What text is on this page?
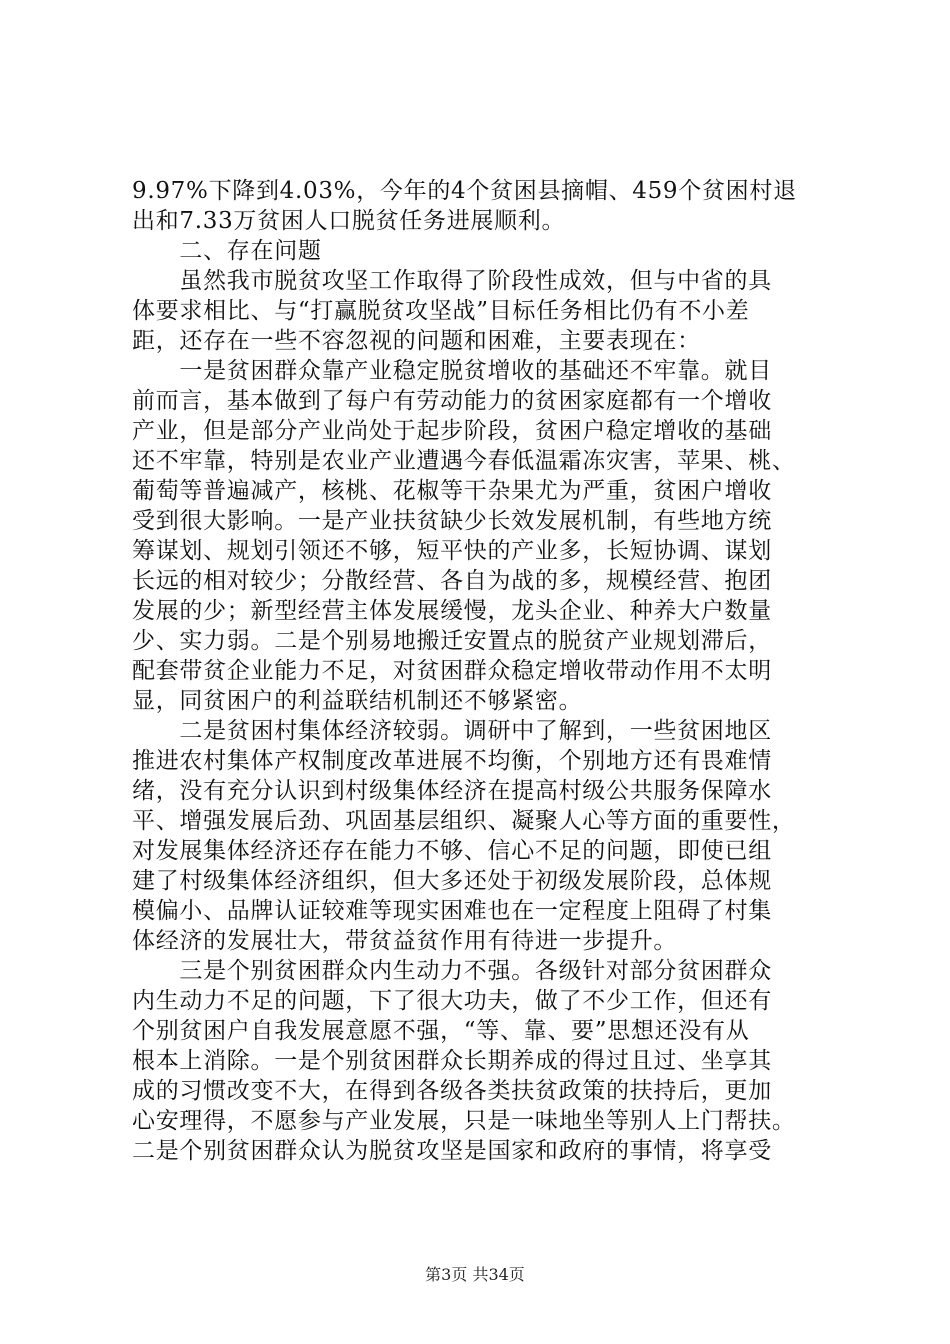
9.97%下降到4.03%，今年的4个贫困县摘帽、459个贫困村退
出和7.33万贫困人口脱贫任务进展顺利。
　　二、存在问题
　　虽然我市脱贫攻坚工作取得了阶段性成效，但与中省的具
体要求相比、与“打赢脱贫攻坚战”目标任务相比仍有不小差
距，还存在一些不容忽视的问题和困难，主要表现在：
　　一是贫困群众靠产业稳定脱贫增收的基础还不牢靠。就目
前而言，基本做到了每户有劳动能力的贫困家庭都有一个增收
产业，但是部分产业尚处于起步阶段，贫困户稳定增收的基础
还不牢靠，特别是农业产业遭遇今春低温霜冻灾害，苹果、桃、
葡萄等普遍减产，核桃、花椒等干杂果尤为严重，贫困户增收
受到很大影响。一是产业扶贫缺少长效发展机制，有些地方统
筹谋划、规划引领还不够，短平快的产业多，长短协调、谋划
长远的相对较少；分散经营、各自为战的多，规模经营、抱团
发展的少；新型经营主体发展缓慢，龙头企业、种养大户数量
少、实力弱。二是个别易地搬迁安置点的脱贫产业规划滞后，
配套带贫企业能力不足，对贫困群众稳定增收带动作用不太明
显，同贫困户的利益联结机制还不够紧密。
　　二是贫困村集体经济较弱。调研中了解到，一些贫困地区
推进农村集体产权制度改革进展不均衡，个别地方还有畏难情
绪，没有充分认识到村级集体经济在提高村级公共服务保障水
平、增强发展后劲、巩固基层组织、凝聚人心等方面的重要性，
对发展集体经济还存在能力不够、信心不足的问题，即使已组
建了村级集体经济组织，但大多还处于初级发展阶段，总体规
模偏小、品牌认证较难等现实困难也在一定程度上阻碍了村集
体经济的发展壮大，带贫益贫作用有待进一步提升。
　　三是个别贫困群众内生动力不强。各级针对部分贫困群众
内生动力不足的问题，下了很大功夫，做了不少工作，但还有
个别贫困户自我发展意愿不强，“等、靠、要”思想还没有从
根本上消除。一是个别贫困群众长期养成的得过且过、坐享其
成的习惯改变不大，在得到各级各类扶贫政策的扶持后，更加
心安理得，不愿参与产业发展，只是一味地坐等别人上门帮扶。
二是个别贫困群众认为脱贫攻坚是国家和政府的事情，将享受
第3页 共34页
